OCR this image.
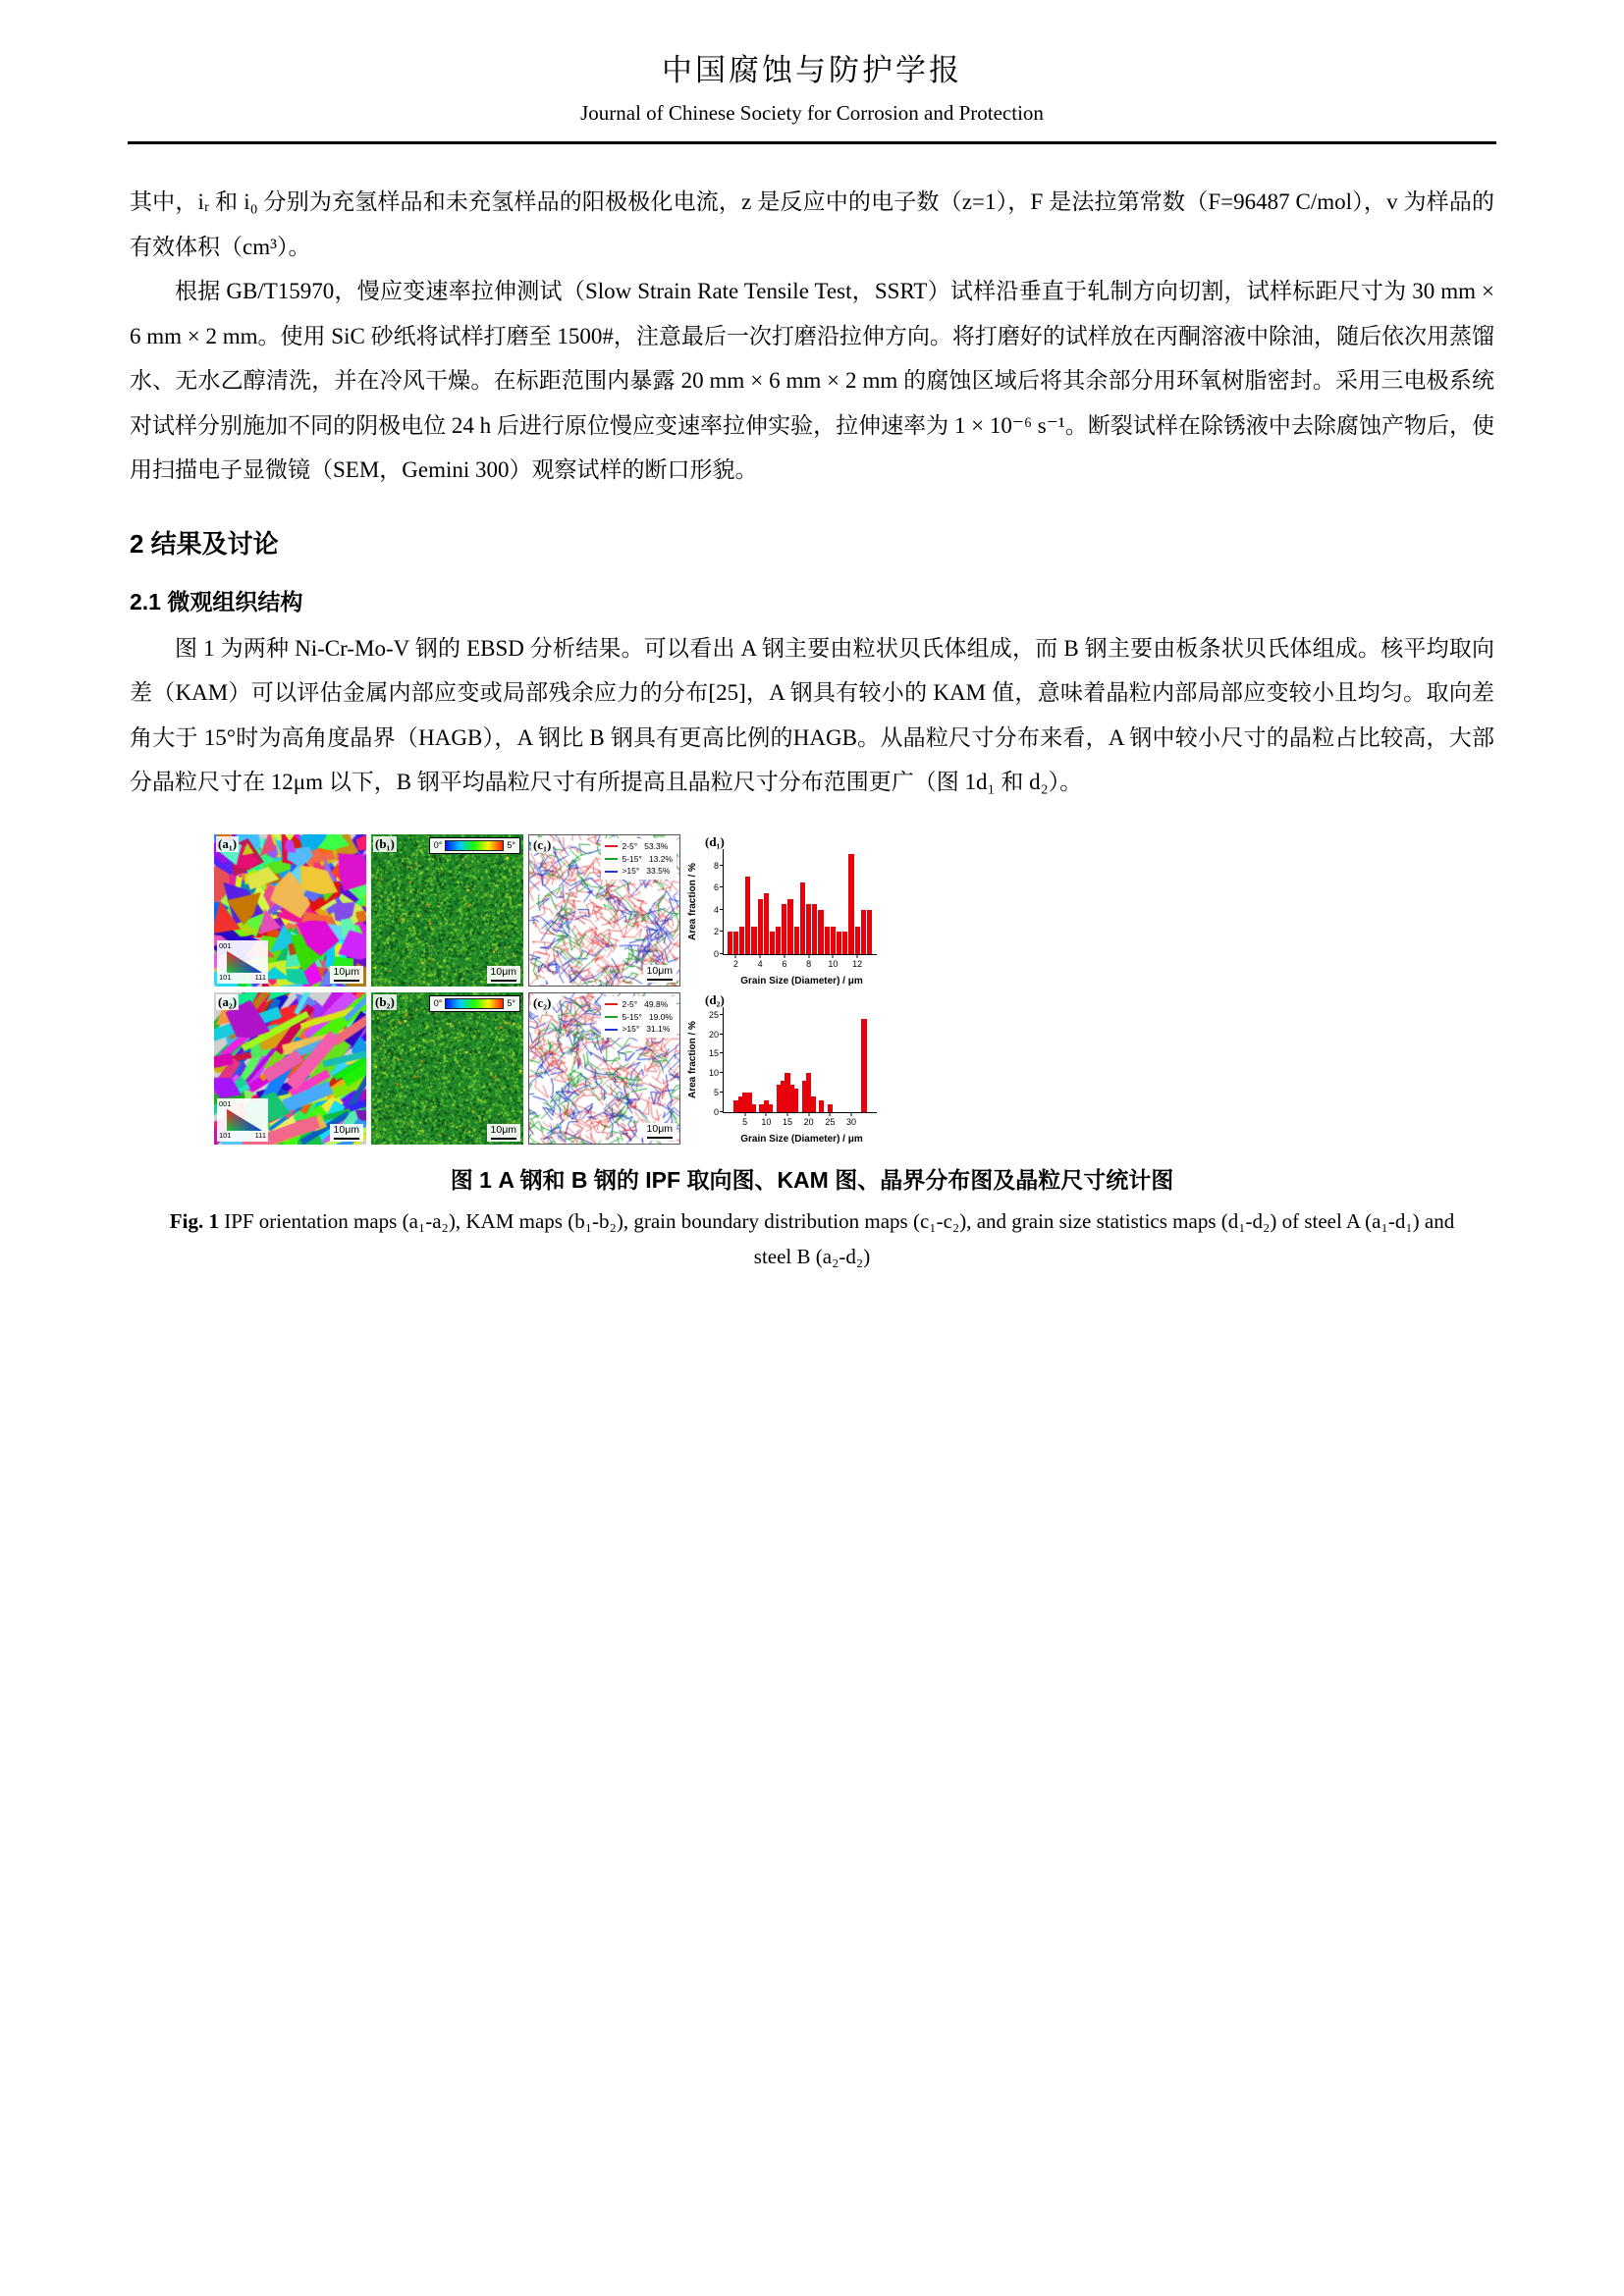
中国腐蚀与防护学报
Journal of Chinese Society for Corrosion and Protection

其中，iᵣ 和 i₀ 分别为充氢样品和未充氢样品的阳极极化电流，z 是反应中的电子数（z=1），F 是法拉第常数（F=96487 C/mol），v 为样品的有效体积（cm³）。

根据 GB/T15970，慢应变速率拉伸测试（Slow Strain Rate Tensile Test，SSRT）试样沿垂直于轧制方向切割，试样标距尺寸为 30 mm × 6 mm × 2 mm。使用 SiC 砂纸将试样打磨至 1500#，注意最后一次打磨沿拉伸方向。将打磨好的试样放在丙酮溶液中除油，随后依次用蒸馏水、无水乙醇清洗，并在冷风干燥。在标距范围内暴露 20 mm × 6 mm × 2 mm 的腐蚀区域后将其余部分用环氧树脂密封。采用三电极系统对试样分别施加不同的阴极电位 24 h 后进行原位慢应变速率拉伸实验，拉伸速率为 1 × 10⁻⁶ s⁻¹。断裂试样在除锈液中去除腐蚀产物后，使用扫描电子显微镜（SEM，Gemini 300）观察试样的断口形貌。

2 结果及讨论
2.1 微观组织结构

图 1 为两种 Ni-Cr-Mo-V 钢的 EBSD 分析结果。可以看出 A 钢主要由粒状贝氏体组成，而 B 钢主要由板条状贝氏体组成。核平均取向差（KAM）可以评估金属内部应变或局部残余应力的分布[25]，A 钢具有较小的 KAM 值，意味着晶粒内部局部应变较小且均匀。取向差角大于 15°时为高角度晶界（HAGB），A 钢比 B 钢具有更高比例的HAGB。从晶粒尺寸分布来看，A 钢中较小尺寸的晶粒占比较高，大部分晶粒尺寸在 12μm 以下，B 钢平均晶粒尺寸有所提高且晶粒尺寸分布范围更广（图 1d₁ 和 d₂）。

(a₁)
001
101	111	10μm
(b₁)	0°	5°
10μm
(c₁)	2-5° 53.3%
5-15° 13.2%
>15° 33.5%
10μm
(d₁)
Area fraction / %
0
2
4
6
8
2 4 6 8 10 12
Grain Size (Diameter) / μm
(a₂)
001
101	111	10μm
(b₂)	0°	5°
10μm
(c₂)	2-5° 49.8%
5-15° 19.0%
>15° 31.1%
10μm
(d₂)
Area fraction / %
0
5
10
15
20
25
5 10 15 20 25 30
Grain Size (Diameter) / μm
图 1 A 钢和 B 钢的 IPF 取向图、KAM 图、晶界分布图及晶粒尺寸统计图
Fig. 1 IPF orientation maps (a₁-a₂), KAM maps (b₁-b₂), grain boundary distribution maps (c₁-c₂), and grain size statistics maps (d₁-d₂) of steel A (a₁-d₁) and steel B (a₂-d₂)
